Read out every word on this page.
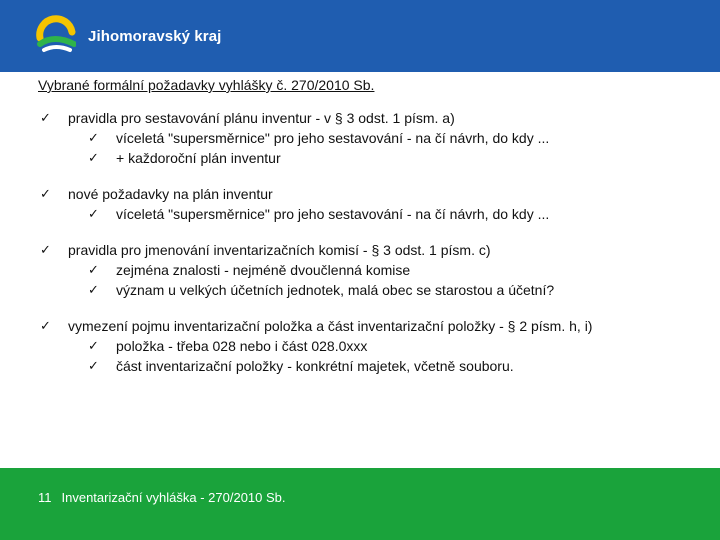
Jihomoravský kraj
Vybrané formální požadavky vyhlášky č. 270/2010 Sb.
✓ pravidla pro sestavování plánu inventur - v § 3 odst. 1 písm. a)
✓ víceletá "supersměrnice" pro jeho sestavování - na čí návrh, do kdy ...
✓ + každoroční plán inventur
✓ nové požadavky na plán inventur
✓ víceletá "supersměrnice" pro jeho sestavování - na čí návrh, do kdy ...
✓ pravidla pro jmenování inventarizačních komisí - § 3 odst. 1 písm. c)
✓ zejména znalosti - nejméně dvoučlenná komise
✓ význam u velkých účetních jednotek, malá obec se starostou a účetní?
✓ vymezení pojmu inventarizační položka a část inventarizační položky - § 2 písm. h, i)
✓ položka - třeba 028 nebo i část 028.0xxx
✓ část inventarizační položky - konkrétní majetek, včetně souboru.
11 Inventarizační vyhláška - 270/2010 Sb.
